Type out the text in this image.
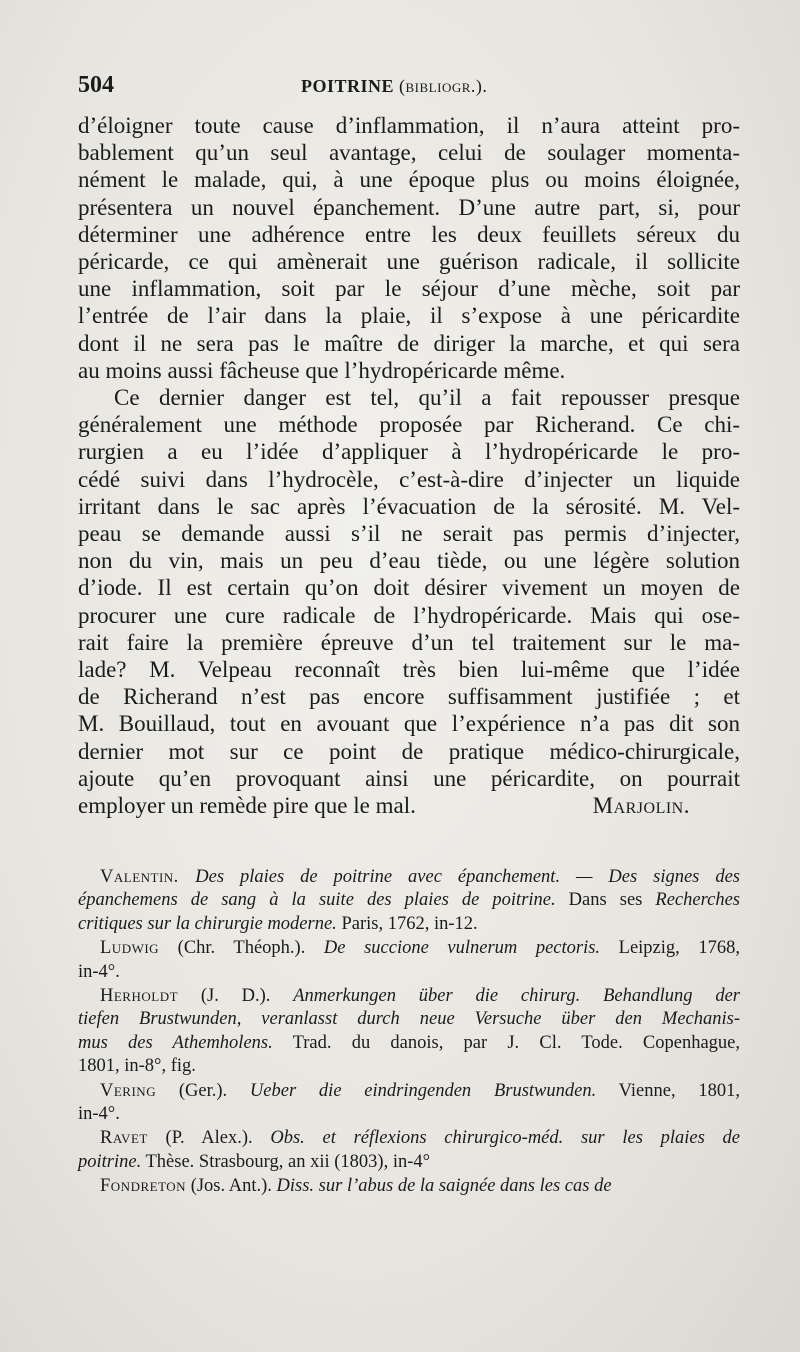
504	POITRINE (bibliogr.).
d’éloigner toute cause d’inflammation, il n’aura atteint pro-
bablement qu’un seul avantage, celui de soulager momenta-
nément le malade, qui, à une époque plus ou moins éloignée,
présentera un nouvel épanchement. D’une autre part, si, pour
déterminer une adhérence entre les deux feuillets séreux du
péricarde, ce qui amènerait une guérison radicale, il sollicite
une inflammation, soit par le séjour d’une mèche, soit par
l’entrée de l’air dans la plaie, il s’expose à une péricardite
dont il ne sera pas le maître de diriger la marche, et qui sera
au moins aussi fâcheuse que l’hydropéricarde même.
Ce dernier danger est tel, qu’il a fait repousser presque
généralement une méthode proposée par Richerand. Ce chi-
rurgien a eu l’idée d’appliquer à l’hydropéricarde le pro-
cédé suivi dans l’hydrocèle, c’est-à-dire d’injecter un liquide
irritant dans le sac après l’évacuation de la sérosité. M. Vel-
peau se demande aussi s’il ne serait pas permis d’injecter,
non du vin, mais un peu d’eau tiède, ou une légère solution
d’iode. Il est certain qu’on doit désirer vivement un moyen de
procurer une cure radicale de l’hydropéricarde. Mais qui ose-
rait faire la première épreuve d’un tel traitement sur le ma-
lade? M. Velpeau reconnaît très bien lui-même que l’idée
de Richerand n’est pas encore suffisamment justifiée ; et
M. Bouillaud, tout en avouant que l’expérience n’a pas dit son
dernier mot sur ce point de pratique médico-chirurgicale,
ajoute qu’en provoquant ainsi une péricardite, on pourrait
employer un remède pire que le mal.	Marjolin.
Valentin. Des plaies de poitrine avec épanchement. — Des signes des
épanchemens de sang à la suite des plaies de poitrine. Dans ses Recherches
critiques sur la chirurgie moderne. Paris, 1762, in-12.
Ludwig (Chr. Théoph.). De succione vulnerum pectoris. Leipzig, 1768,
in-4°.
Herholdt (J. D.). Anmerkungen über die chirurg. Behandlung der
tiefen Brustwunden, veranlasst durch neue Versuche über den Mechanis-
mus des Athemholens. Trad. du danois, par J. Cl. Tode. Copenhague,
1801, in-8°, fig.
Vering (Ger.). Ueber die eindringenden Brustwunden. Vienne, 1801,
in-4°.
Ravet (P. Alex.). Obs. et réflexions chirurgico-méd. sur les plaies de
poitrine. Thèse. Strasbourg, an xii (1803), in-4°
Fondreton (Jos. Ant.). Diss. sur l’abus de la saignée dans les cas de
